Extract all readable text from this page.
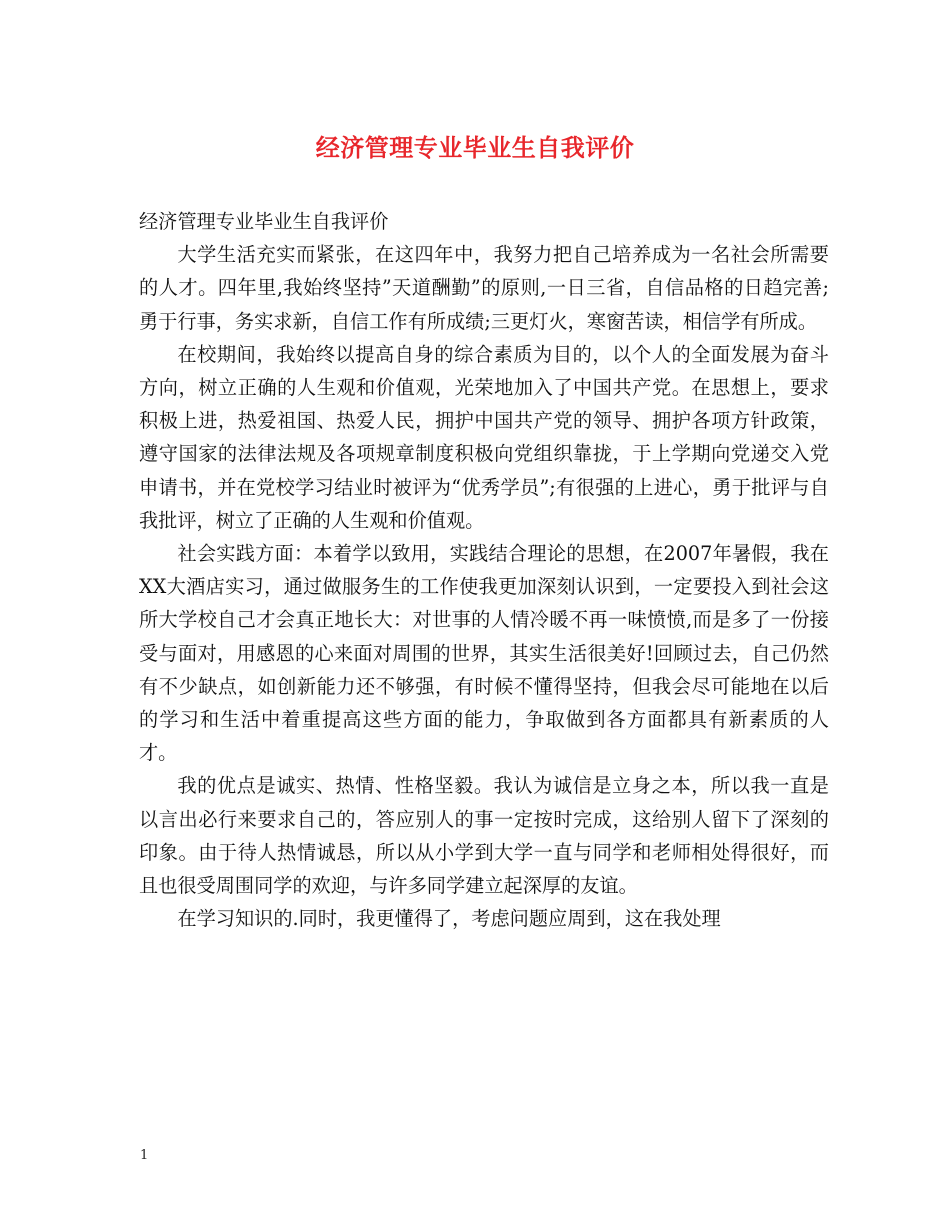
经济管理专业毕业生自我评价

经济管理专业毕业生自我评价

大学生活充实而紧张，在这四年中，我努力把自己培养成为一名社会所需要的人才。四年里,我始终坚持”天道酬勤”的原则,一日三省，自信品格的日趋完善;勇于行事，务实求新，自信工作有所成绩;三更灯火，寒窗苦读，相信学有所成。

在校期间，我始终以提高自身的综合素质为目的，以个人的全面发展为奋斗方向，树立正确的人生观和价值观，光荣地加入了中国共产党。在思想上，要求积极上进，热爱祖国、热爱人民，拥护中国共产党的领导、拥护各项方针政策，遵守国家的法律法规及各项规章制度积极向党组织靠拢，于上学期向党递交入党申请书，并在党校学习结业时被评为“优秀学员”;有很强的上进心，勇于批评与自我批评，树立了正确的人生观和价值观。

社会实践方面：本着学以致用，实践结合理论的思想，在2007年暑假，我在XX大酒店实习，通过做服务生的工作使我更加深刻认识到，一定要投入到社会这所大学校自己才会真正地长大：对世事的人情冷暖不再一味愤愤,而是多了一份接受与面对，用感恩的心来面对周围的世界，其实生活很美好!回顾过去，自己仍然有不少缺点，如创新能力还不够强，有时候不懂得坚持，但我会尽可能地在以后的学习和生活中着重提高这些方面的能力，争取做到各方面都具有新素质的人才。

我的优点是诚实、热情、性格坚毅。我认为诚信是立身之本，所以我一直是以言出必行来要求自己的，答应别人的事一定按时完成，这给别人留下了深刻的印象。由于待人热情诚恳，所以从小学到大学一直与同学和老师相处得很好，而且也很受周围同学的欢迎，与许多同学建立起深厚的友谊。

在学习知识的.同时，我更懂得了，考虑问题应周到，这在我处理

1
